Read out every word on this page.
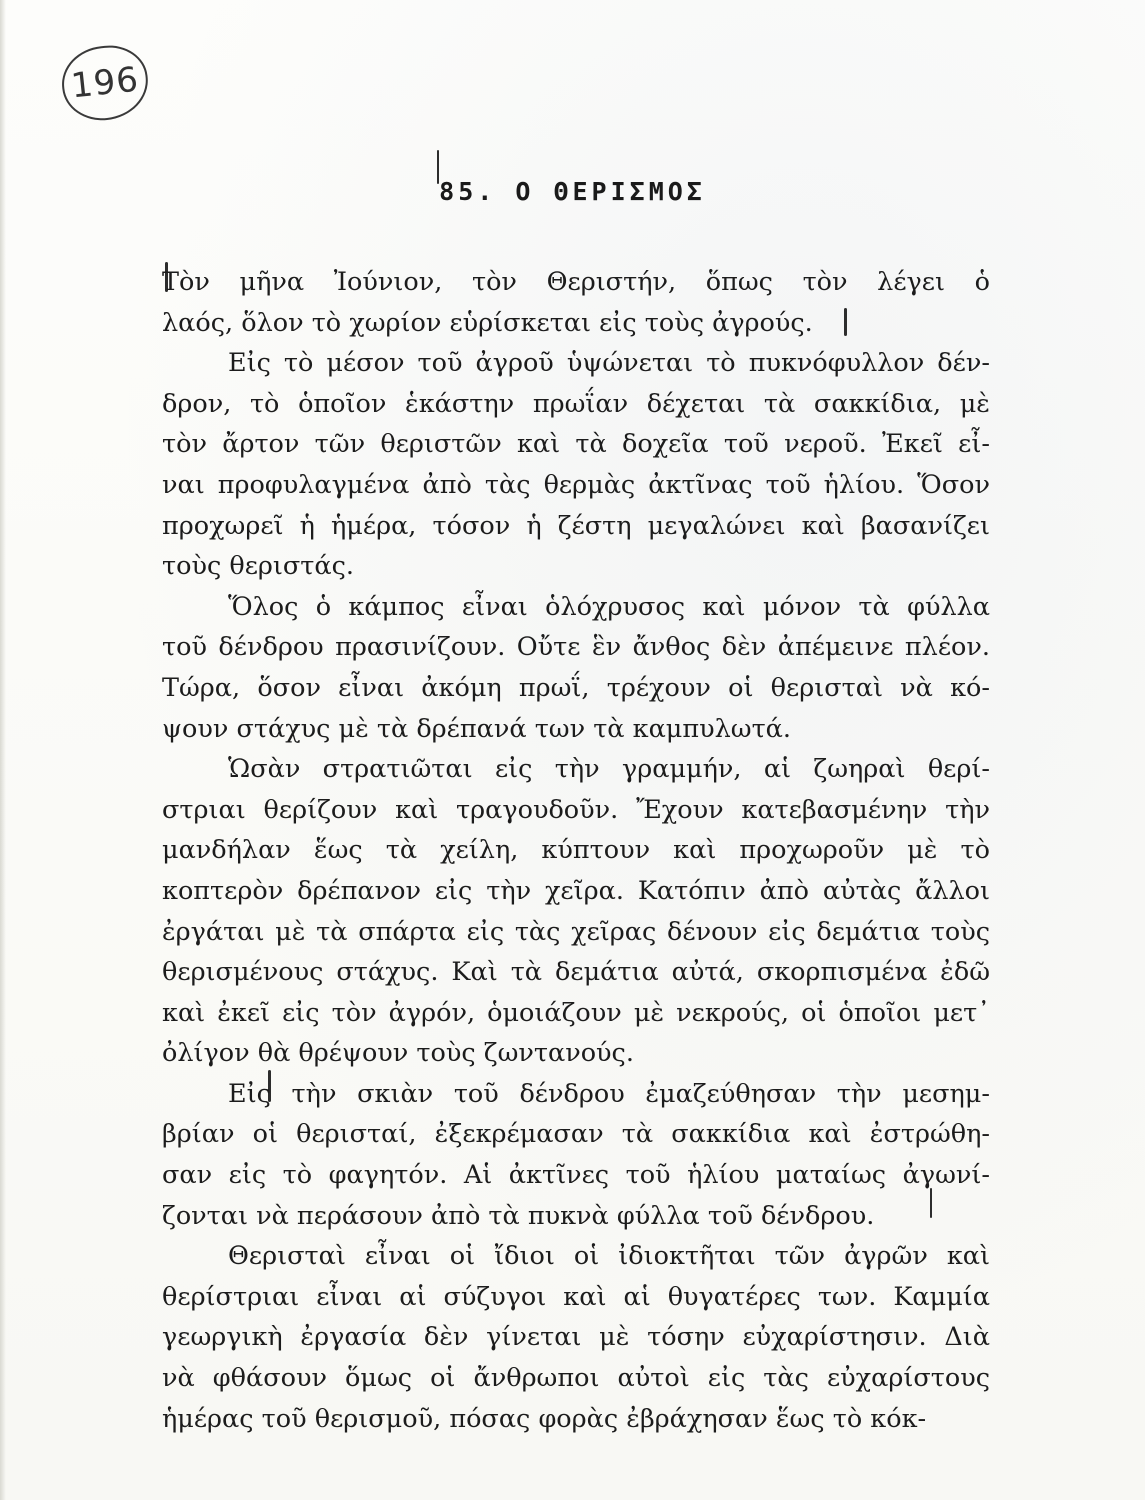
196
85. Ο ΘΕΡΙΣΜΟΣ
Τὸν μῆνα Ἰούνιον, τὸν Θεριστήν, ὅπως τὸν λέγει ὁ
λαός, ὅλον τὸ χωρίον εὑρίσκεται εἰς τοὺς ἀγρούς.
Εἰς τὸ μέσον τοῦ ἀγροῦ ὑψώνεται τὸ πυκνόφυλλον δέν-
δρον, τὸ ὁποῖον ἑκάστην πρωΐαν δέχεται τὰ σακκίδια, μὲ
τὸν ἄρτον τῶν θεριστῶν καὶ τὰ δοχεῖα τοῦ νεροῦ. Ἐκεῖ εἶ-
ναι προφυλαγμένα ἀπὸ τὰς θερμὰς ἀκτῖνας τοῦ ἡλίου. Ὅσον
προχωρεῖ ἡ ἡμέρα, τόσον ἡ ζέστη μεγαλώνει καὶ βασανίζει
τοὺς θεριστάς.
Ὅλος ὁ κάμπος εἶναι ὁλόχρυσος καὶ μόνον τὰ φύλλα
τοῦ δένδρου πρασινίζουν. Οὔτε ἓν ἄνθος δὲν ἀπέμεινε πλέον.
Τώρα, ὅσον εἶναι ἀκόμη πρωΐ, τρέχουν οἱ θερισταὶ νὰ κό-
ψουν στάχυς μὲ τὰ δρέπανά των τὰ καμπυλωτά.
Ὡσὰν στρατιῶται εἰς τὴν γραμμήν, αἱ ζωηραὶ θερί-
στριαι θερίζουν καὶ τραγουδοῦν. Ἔχουν κατεβασμένην τὴν
μανδήλαν ἕως τὰ χείλη, κύπτουν καὶ προχωροῦν μὲ τὸ
κοπτερὸν δρέπανον εἰς τὴν χεῖρα. Κατόπιν ἀπὸ αὐτὰς ἄλλοι
ἐργάται μὲ τὰ σπάρτα εἰς τὰς χεῖρας δένουν εἰς δεμάτια τοὺς
θερισμένους στάχυς. Καὶ τὰ δεμάτια αὐτά, σκορπισμένα ἐδῶ
καὶ ἐκεῖ εἰς τὸν ἀγρόν, ὁμοιάζουν μὲ νεκρούς, οἱ ὁποῖοι μετ᾽
ὀλίγον θὰ θρέψουν τοὺς ζωντανούς.
Εἰς τὴν σκιὰν τοῦ δένδρου ἐμαζεύθησαν τὴν μεσημ-
βρίαν οἱ θερισταί, ἐξεκρέμασαν τὰ σακκίδια καὶ ἐστρώθη-
σαν εἰς τὸ φαγητόν. Αἱ ἀκτῖνες τοῦ ἡλίου ματαίως ἀγωνί-
ζονται νὰ περάσουν ἀπὸ τὰ πυκνὰ φύλλα τοῦ δένδρου.
Θερισταὶ εἶναι οἱ ἴδιοι οἱ ἰδιοκτῆται τῶν ἀγρῶν καὶ
θερίστριαι εἶναι αἱ σύζυγοι καὶ αἱ θυγατέρες των. Καμμία
γεωργικὴ ἐργασία δὲν γίνεται μὲ τόσην εὐχαρίστησιν. Διὰ
νὰ φθάσουν ὅμως οἱ ἄνθρωποι αὐτοὶ εἰς τὰς εὐχαρίστους
ἡμέρας τοῦ θερισμοῦ, πόσας φορὰς ἐβράχησαν ἕως τὸ κόκ-
